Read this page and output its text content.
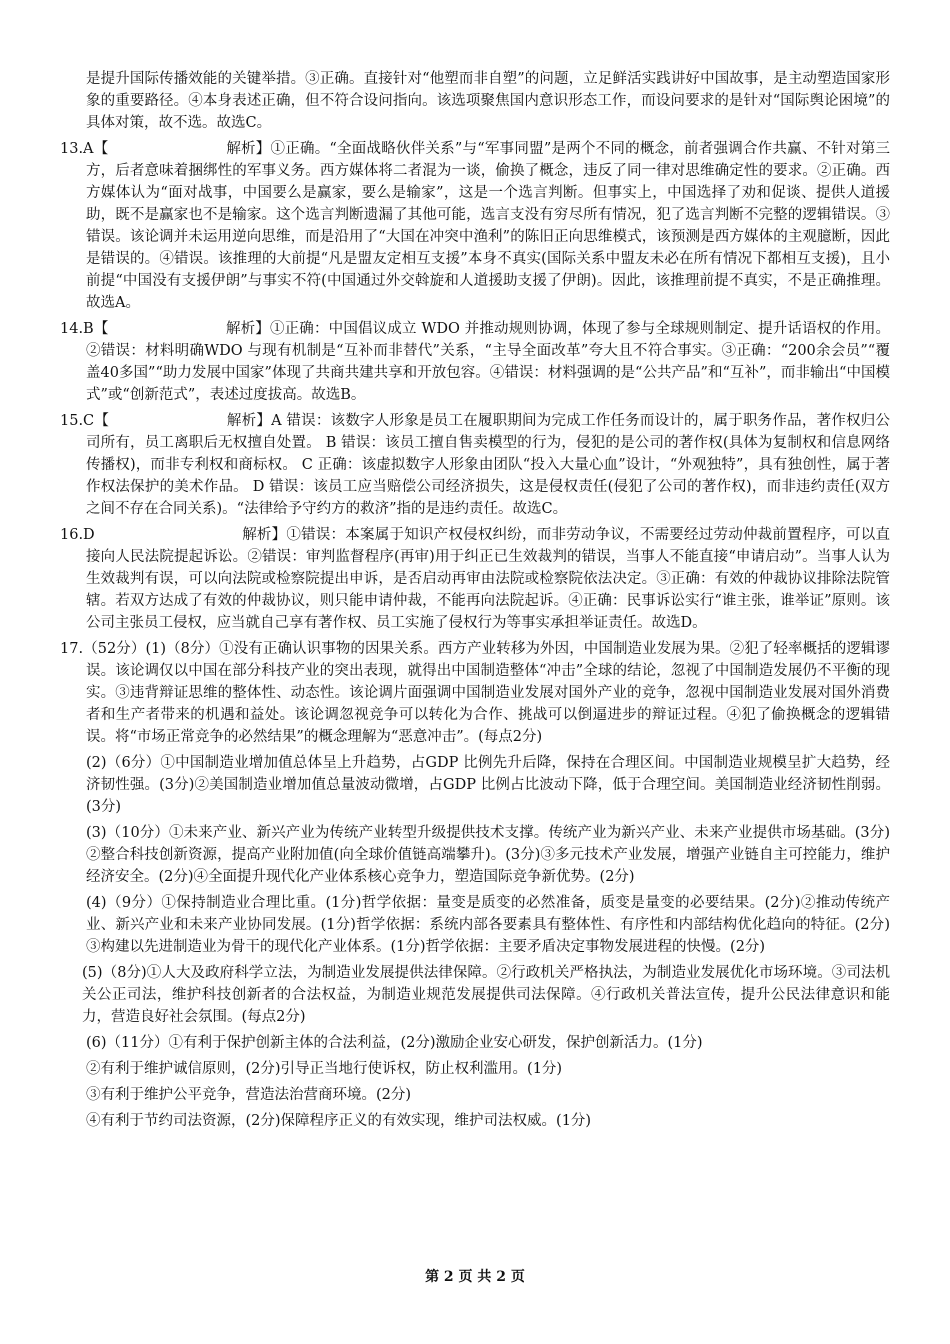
是提升国际传播效能的关键举措。③正确。直接针对“他塑而非自塑”的问题，立足鲜活实践讲好中国故事，是主动塑造国家形象的重要路径。④本身表述正确，但不符合设问指向。该选项聚焦国内意识形态工作，而设问要求的是针对“国际舆论困境”的具体对策，故不选。故选C。

13.A【　　　　　　　　解析】①正确。“全面战略伙伴关系”与“军事同盟”是两个不同的概念，前者强调合作共赢、不针对第三方，后者意味着捆绑性的军事义务。西方媒体将二者混为一谈，偷换了概念，违反了同一律对思维确定性的要求。②正确。西方媒体认为“面对战事，中国要么是赢家，要么是输家”，这是一个选言判断。但事实上，中国选择了劝和促谈、提供人道援助，既不是赢家也不是输家。这个选言判断遗漏了其他可能，选言支没有穷尽所有情况，犯了选言判断不完整的逻辑错误。③错误。该论调并未运用逆向思维，而是沿用了“大国在冲突中渔利”的陈旧正向思维模式，该预测是西方媒体的主观臆断，因此是错误的。④错误。该推理的大前提“凡是盟友定相互支援”本身不真实(国际关系中盟友未必在所有情况下都相互支援)，且小前提“中国没有支援伊朗”与事实不符(中国通过外交斡旋和人道援助支援了伊朗)。因此，该推理前提不真实，不是正确推理。故选A。

14.B【　　　　　　　　解析】①正确：中国倡议成立 WDO 并推动规则协调，体现了参与全球规则制定、提升话语权的作用。②错误：材料明确WDO 与现有机制是“互补而非替代”关系，“主导全面改革”夸大且不符合事实。③正确：“200余会员”“覆盖40多国”“助力发展中国家”体现了共商共建共享和开放包容。④错误：材料强调的是“公共产品”和“互补”，而非输出“中国模式”或“创新范式”，表述过度拔高。故选B。

15.C【　　　　　　　　解析】A 错误：该数字人形象是员工在履职期间为完成工作任务而设计的，属于职务作品，著作权归公司所有，员工离职后无权擅自处置。 B 错误：该员工擅自售卖模型的行为，侵犯的是公司的著作权(具体为复制权和信息网络传播权)，而非专利权和商标权。 C 正确：该虚拟数字人形象由团队“投入大量心血”设计，“外观独特”，具有独创性，属于著作权法保护的美术作品。 D 错误：该员工应当赔偿公司经济损失，这是侵权责任(侵犯了公司的著作权)，而非违约责任(双方之间不存在合同关系)。“法律给予守约方的救济”指的是违约责任。故选C。

16.D　　　　　　　　　　解析】①错误：本案属于知识产权侵权纠纷，而非劳动争议，不需要经过劳动仲裁前置程序，可以直接向人民法院提起诉讼。②错误：审判监督程序(再审)用于纠正已生效裁判的错误，当事人不能直接“申请启动”。当事人认为生效裁判有误，可以向法院或检察院提出申诉，是否启动再审由法院或检察院依法决定。③正确：有效的仲裁协议排除法院管辖。若双方达成了有效的仲裁协议，则只能申请仲裁，不能再向法院起诉。④正确：民事诉讼实行“谁主张，谁举证”原则。该公司主张员工侵权，应当就自己享有著作权、员工实施了侵权行为等事实承担举证责任。故选D。

17.（52分）(1)（8分）①没有正确认识事物的因果关系。西方产业转移为外因，中国制造业发展为果。②犯了轻率概括的逻辑谬误。该论调仅以中国在部分科技产业的突出表现，就得出中国制造整体“冲击”全球的结论，忽视了中国制造发展仍不平衡的现实。③违背辩证思维的整体性、动态性。该论调片面强调中国制造业发展对国外产业的竞争，忽视中国制造业发展对国外消费者和生产者带来的机遇和益处。该论调忽视竞争可以转化为合作、挑战可以倒逼进步的辩证过程。④犯了偷换概念的逻辑错误。将“市场正常竞争的必然结果”的概念理解为“恶意冲击”。(每点2分)

(2)（6分）①中国制造业增加值总体呈上升趋势，占GDP 比例先升后降，保持在合理区间。中国制造业规模呈扩大趋势，经济韧性强。(3分)②美国制造业增加值总量波动微增，占GDP 比例占比波动下降，低于合理空间。美国制造业经济韧性削弱。(3分)

(3)（10分）①未来产业、新兴产业为传统产业转型升级提供技术支撑。传统产业为新兴产业、未来产业提供市场基础。(3分)②整合科技创新资源，提高产业附加值(向全球价值链高端攀升)。(3分)③多元技术产业发展，增强产业链自主可控能力，维护经济安全。(2分)④全面提升现代化产业体系核心竞争力，塑造国际竞争新优势。(2分)

(4)（9分）①保持制造业合理比重。(1分)哲学依据：量变是质变的必然准备，质变是量变的必要结果。(2分)②推动传统产业、新兴产业和未来产业协同发展。(1分)哲学依据：系统内部各要素具有整体性、有序性和内部结构优化趋向的特征。(2分)③构建以先进制造业为骨干的现代化产业体系。(1分)哲学依据：主要矛盾决定事物发展进程的快慢。(2分)

(5)（8分)①人大及政府科学立法，为制造业发展提供法律保障。②行政机关严格执法，为制造业发展优化市场环境。③司法机关公正司法，维护科技创新者的合法权益，为制造业规范发展提供司法保障。④行政机关普法宣传，提升公民法律意识和能力，营造良好社会氛围。(每点2分)

(6)（11分）①有利于保护创新主体的合法利益，(2分)激励企业安心研发，保护创新活力。(1分)

②有利于维护诚信原则，(2分)引导正当地行使诉权，防止权利滥用。(1分)

③有利于维护公平竞争，营造法治营商环境。(2分)

④有利于节约司法资源，(2分)保障程序正义的有效实现，维护司法权威。(1分)

第 2 页 共 2 页
